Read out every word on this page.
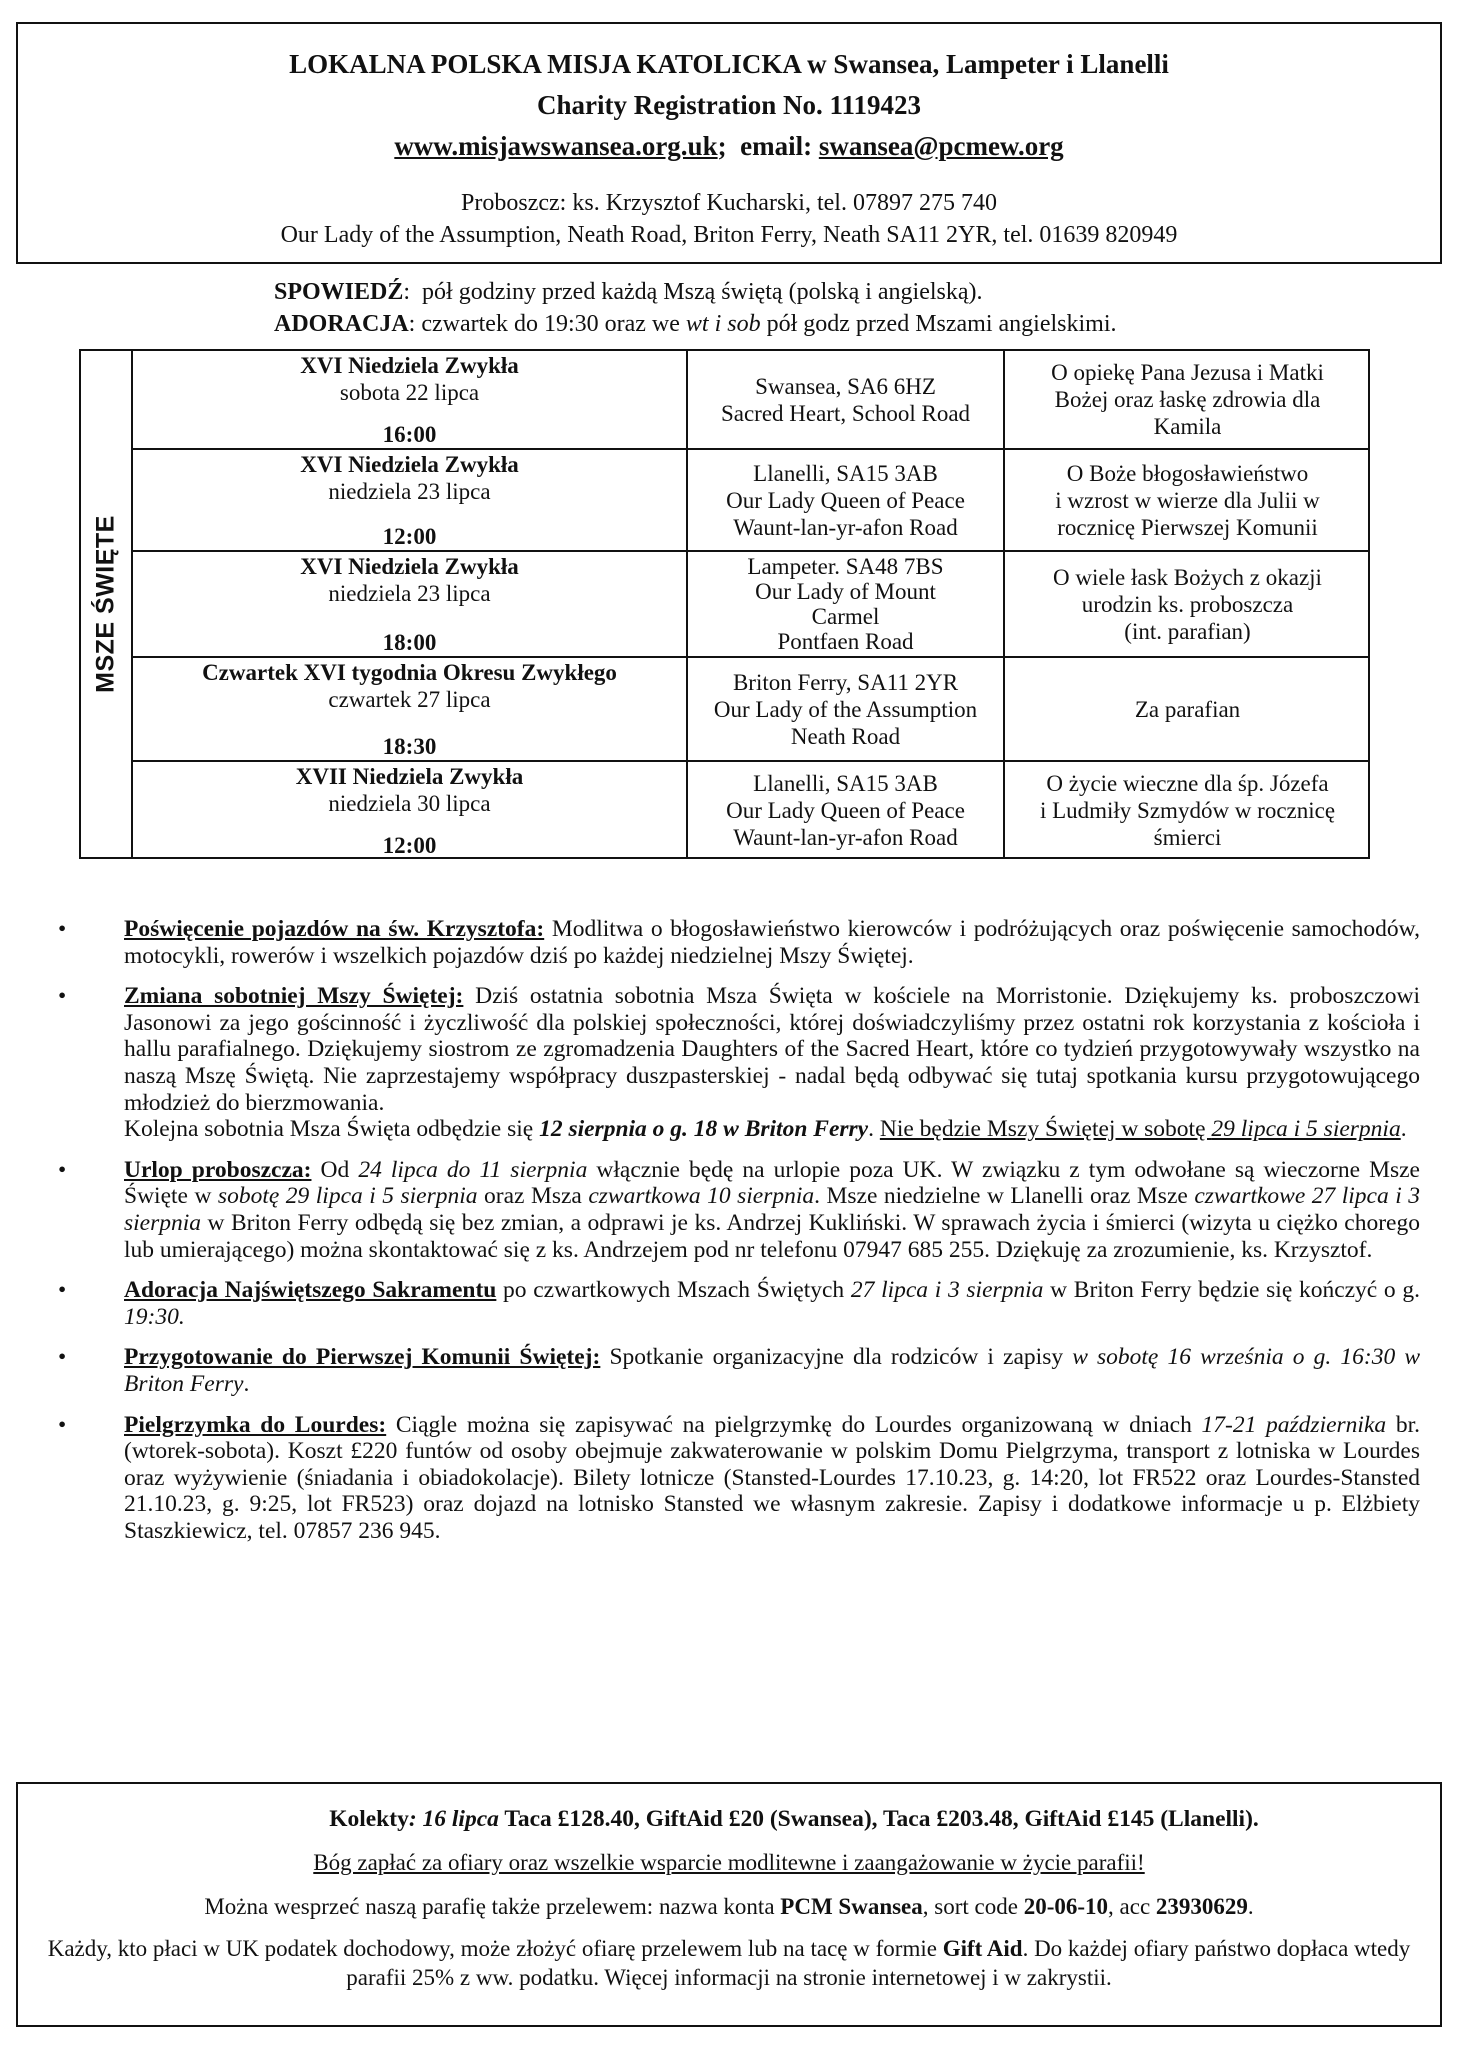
LOKALNA POLSKA MISJA KATOLICKA w Swansea, Lampeter i Llanelli
Charity Registration No. 1119423
www.misjawswansea.org.uk;  email: swansea@pcmew.org
Proboszcz: ks. Krzysztof Kucharski, tel. 07897 275 740
Our Lady of the Assumption, Neath Road, Briton Ferry, Neath SA11 2YR, tel. 01639 820949
SPOWIEDŹ:  pół godziny przed każdą Mszą świętą (polską i angielską).
ADORACJA: czwartek do 19:30 oraz we wt i sob pół godz przed Mszami angielskimi.
MSZE ŚWIĘTE
XVI Niedziela Zwykła
sobota 22 lipca
16:00
Swansea, SA6 6HZ
Sacred Heart, School Road
O opiekę Pana Jezusa i Matki
Bożej oraz łaskę zdrowia dla
Kamila
XVI Niedziela Zwykła
niedziela 23 lipca
12:00
Llanelli, SA15 3AB
Our Lady Queen of Peace
Waunt-lan-yr-afon Road
O Boże błogosławieństwo
i wzrost w wierze dla Julii w
rocznicę Pierwszej Komunii
XVI Niedziela Zwykła
niedziela 23 lipca
18:00
Lampeter. SA48 7BS
Our Lady of Mount
Carmel
Pontfaen Road
O wiele łask Bożych z okazji
urodzin ks. proboszcza
(int. parafian)
Czwartek XVI tygodnia Okresu Zwykłego
czwartek 27 lipca
18:30
Briton Ferry, SA11 2YR
Our Lady of the Assumption
Neath Road
Za parafian
XVII Niedziela Zwykła
niedziela 30 lipca
12:00
Llanelli, SA15 3AB
Our Lady Queen of Peace
Waunt-lan-yr-afon Road
O życie wieczne dla śp. Józefa
i Ludmiły Szmydów w rocznicę
śmierci
• Poświęcenie pojazdów na św. Krzysztofa: Modlitwa o błogosławieństwo kierowców i podróżujących oraz poświęcenie samochodów, motocykli, rowerów i wszelkich pojazdów dziś po każdej niedzielnej Mszy Świętej.
• Zmiana sobotniej Mszy Świętej: Dziś ostatnia sobotnia Msza Święta w kościele na Morristonie. Dziękujemy ks. proboszczowi Jasonowi za jego gościnność i życzliwość dla polskiej społeczności, której doświadczyliśmy przez ostatni rok korzystania z kościoła i hallu parafialnego. Dziękujemy siostrom ze zgromadzenia Daughters of the Sacred Heart, które co tydzień przygotowywały wszystko na naszą Mszę Świętą. Nie zaprzestajemy współpracy duszpasterskiej - nadal będą odbywać się tutaj spotkania kursu przygotowującego młodzież do bierzmowania.
Kolejna sobotnia Msza Święta odbędzie się 12 sierpnia o g. 18 w Briton Ferry. Nie będzie Mszy Świętej w sobotę 29 lipca i 5 sierpnia.
• Urlop proboszcza: Od 24 lipca do 11 sierpnia włącznie będę na urlopie poza UK. W związku z tym odwołane są wieczorne Msze Święte w sobotę 29 lipca i 5 sierpnia oraz Msza czwartkowa 10 sierpnia. Msze niedzielne w Llanelli oraz Msze czwartkowe 27 lipca i 3 sierpnia w Briton Ferry odbędą się bez zmian, a odprawi je ks. Andrzej Kukliński. W sprawach życia i śmierci (wizyta u ciężko chorego lub umierającego) można skontaktować się z ks. Andrzejem pod nr telefonu 07947 685 255. Dziękuję za zrozumienie, ks. Krzysztof.
• Adoracja Najświętszego Sakramentu po czwartkowych Mszach Świętych 27 lipca i 3 sierpnia w Briton Ferry będzie się kończyć o g. 19:30.
• Przygotowanie do Pierwszej Komunii Świętej: Spotkanie organizacyjne dla rodziców i zapisy w sobotę 16 września o g. 16:30 w Briton Ferry.
• Pielgrzymka do Lourdes: Ciągle można się zapisywać na pielgrzymkę do Lourdes organizowaną w dniach 17-21 października br. (wtorek-sobota). Koszt £220 funtów od osoby obejmuje zakwaterowanie w polskim Domu Pielgrzyma, transport z lotniska w Lourdes oraz wyżywienie (śniadania i obiadokolacje). Bilety lotnicze (Stansted-Lourdes 17.10.23, g. 14:20, lot FR522 oraz Lourdes-Stansted 21.10.23, g. 9:25, lot FR523) oraz dojazd na lotnisko Stansted we własnym zakresie. Zapisy i dodatkowe informacje u p. Elżbiety Staszkiewicz, tel. 07857 236 945.
Kolekty: 16 lipca Taca £128.40, GiftAid £20 (Swansea), Taca £203.48, GiftAid £145 (Llanelli).
Bóg zapłać za ofiary oraz wszelkie wsparcie modlitewne i zaangażowanie w życie parafii!
Można wesprzeć naszą parafię także przelewem: nazwa konta PCM Swansea, sort code 20-06-10, acc 23930629.
Każdy, kto płaci w UK podatek dochodowy, może złożyć ofiarę przelewem lub na tacę w formie Gift Aid. Do każdej ofiary państwo dopłaca wtedy parafii 25% z ww. podatku. Więcej informacji na stronie internetowej i w zakrystii.
